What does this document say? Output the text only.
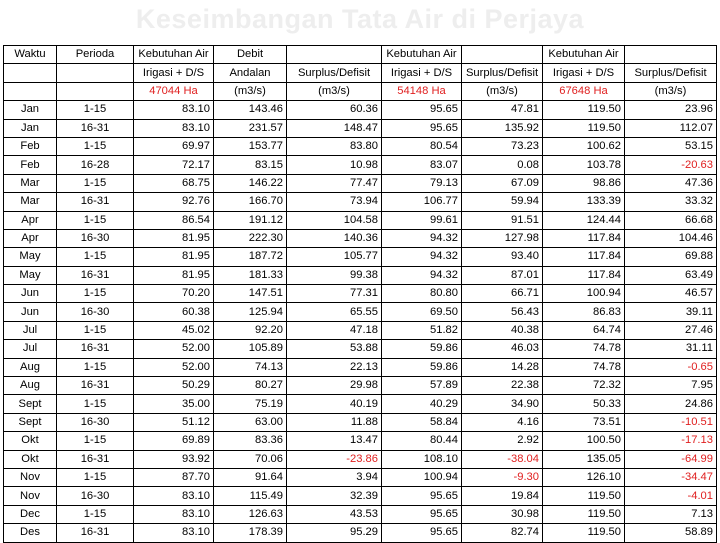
Keseimbangan Tata Air di Perjaya
Waktu	Perioda	Kebutuhan Air	Debit		Kebutuhan Air		Kebutuhan Air	
		Irigasi + D/S	Andalan	Surplus/Defisit	Irigasi + D/S	Surplus/Defisit	Irigasi + D/S	Surplus/Defisit
		47044 Ha	(m3/s)	(m3/s)	54148 Ha	(m3/s)	67648 Ha	(m3/s)
Jan	1-15	83.10	143.46	60.36	95.65	47.81	119.50	23.96
Jan	16-31	83.10	231.57	148.47	95.65	135.92	119.50	112.07
Feb	1-15	69.97	153.77	83.80	80.54	73.23	100.62	53.15
Feb	16-28	72.17	83.15	10.98	83.07	0.08	103.78	-20.63
Mar	1-15	68.75	146.22	77.47	79.13	67.09	98.86	47.36
Mar	16-31	92.76	166.70	73.94	106.77	59.94	133.39	33.32
Apr	1-15	86.54	191.12	104.58	99.61	91.51	124.44	66.68
Apr	16-30	81.95	222.30	140.36	94.32	127.98	117.84	104.46
May	1-15	81.95	187.72	105.77	94.32	93.40	117.84	69.88
May	16-31	81.95	181.33	99.38	94.32	87.01	117.84	63.49
Jun	1-15	70.20	147.51	77.31	80.80	66.71	100.94	46.57
Jun	16-30	60.38	125.94	65.55	69.50	56.43	86.83	39.11
Jul	1-15	45.02	92.20	47.18	51.82	40.38	64.74	27.46
Jul	16-31	52.00	105.89	53.88	59.86	46.03	74.78	31.11
Aug	1-15	52.00	74.13	22.13	59.86	14.28	74.78	-0.65
Aug	16-31	50.29	80.27	29.98	57.89	22.38	72.32	7.95
Sept	1-15	35.00	75.19	40.19	40.29	34.90	50.33	24.86
Sept	16-30	51.12	63.00	11.88	58.84	4.16	73.51	-10.51
Okt	1-15	69.89	83.36	13.47	80.44	2.92	100.50	-17.13
Okt	16-31	93.92	70.06	-23.86	108.10	-38.04	135.05	-64.99
Nov	1-15	87.70	91.64	3.94	100.94	-9.30	126.10	-34.47
Nov	16-30	83.10	115.49	32.39	95.65	19.84	119.50	-4.01
Dec	1-15	83.10	126.63	43.53	95.65	30.98	119.50	7.13
Des	16-31	83.10	178.39	95.29	95.65	82.74	119.50	58.89
